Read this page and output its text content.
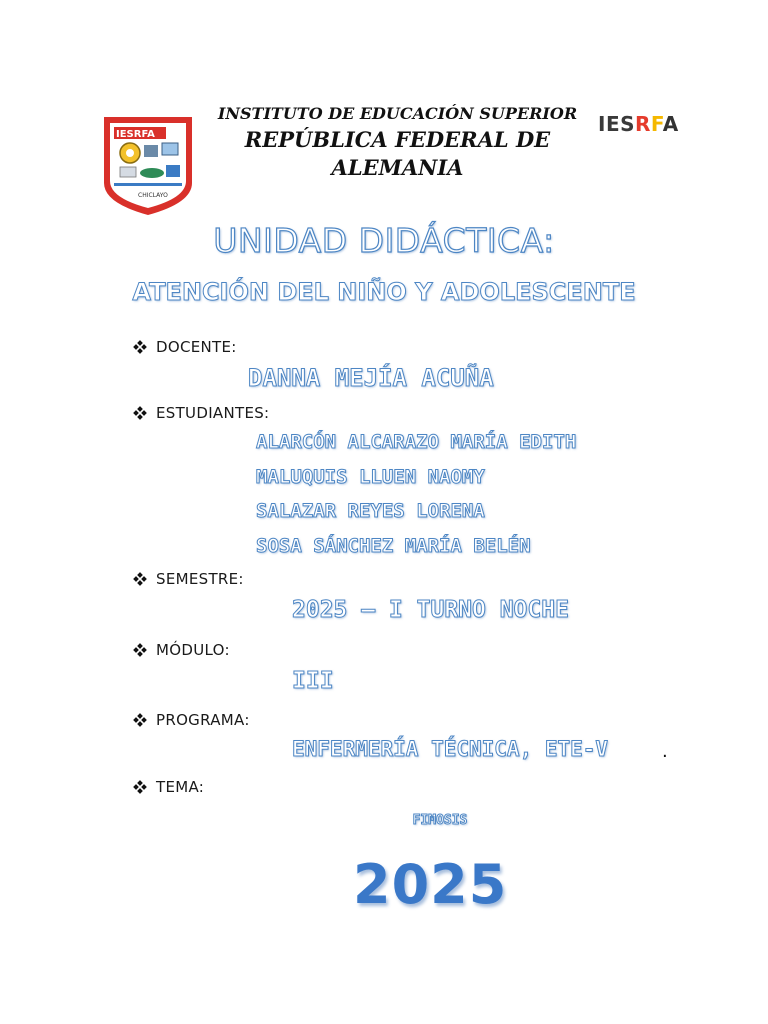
IESRFA
CHICLAYO
INSTITUTO DE EDUCACIÓN SUPERIOR
REPÚBLICA FEDERAL DE ALEMANIA
IESRFA
UNIDAD DIDÁCTICA:
ATENCIÓN DEL NIÑO Y ADOLESCENTE
DOCENTE:
DANNA MEJÍA ACUÑA
ESTUDIANTES:
ALARCÓN ALCARAZO MARÍA EDITH
MALUQUIS LLUEN NAOMY
SALAZAR REYES LORENA
SOSA SÁNCHEZ MARÍA BELÉN
SEMESTRE:
2025 – I TURNO NOCHE
MÓDULO:
III
PROGRAMA:
ENFERMERÍA TÉCNICA, ETE-V	.
TEMA:
FIMOSIS
2025
